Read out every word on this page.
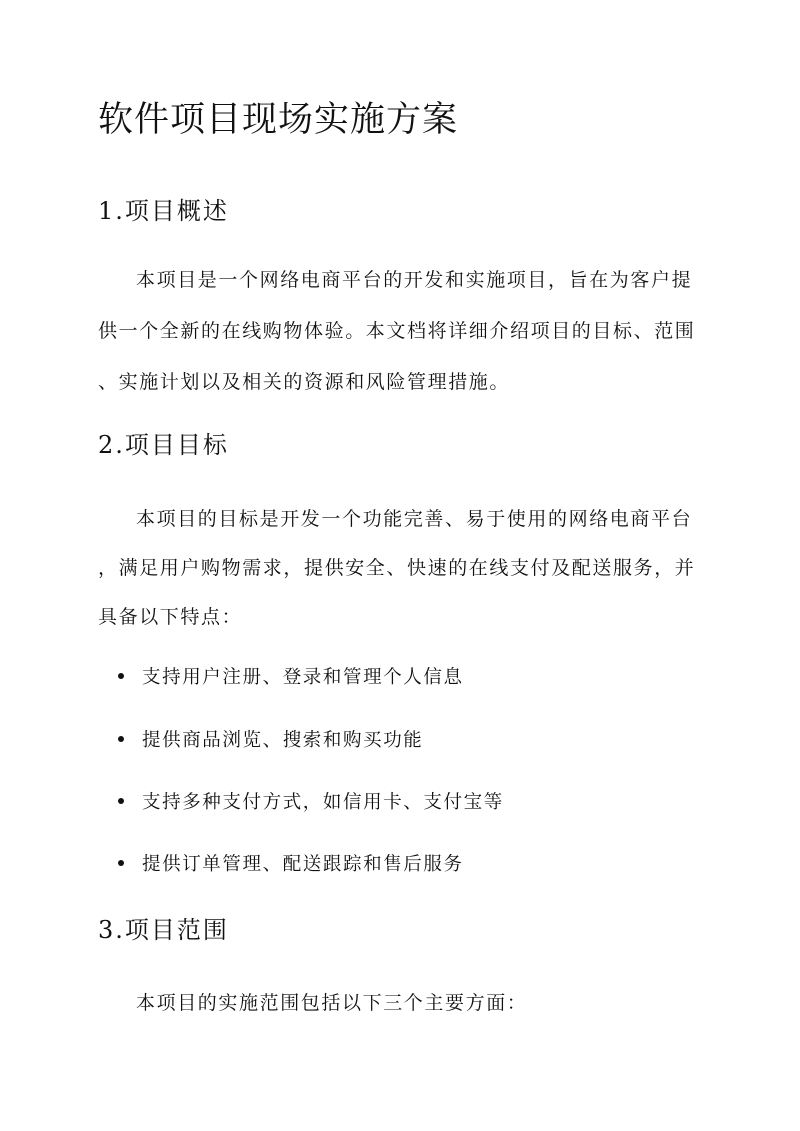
软件项目现场实施方案
1.项目概述

本项目是一个网络电商平台的开发和实施项目，旨在为客户提

供一个全新的在线购物体验。本文档将详细介绍项目的目标、范围

、实施计划以及相关的资源和风险管理措施。

2.项目目标

本项目的目标是开发一个功能完善、易于使用的网络电商平台

，满足用户购物需求，提供安全、快速的在线支付及配送服务，并

具备以下特点：

支持用户注册、登录和管理个人信息
提供商品浏览、搜索和购买功能
支持多种支付方式，如信用卡、支付宝等
提供订单管理、配送跟踪和售后服务
3.项目范围

本项目的实施范围包括以下三个主要方面：
